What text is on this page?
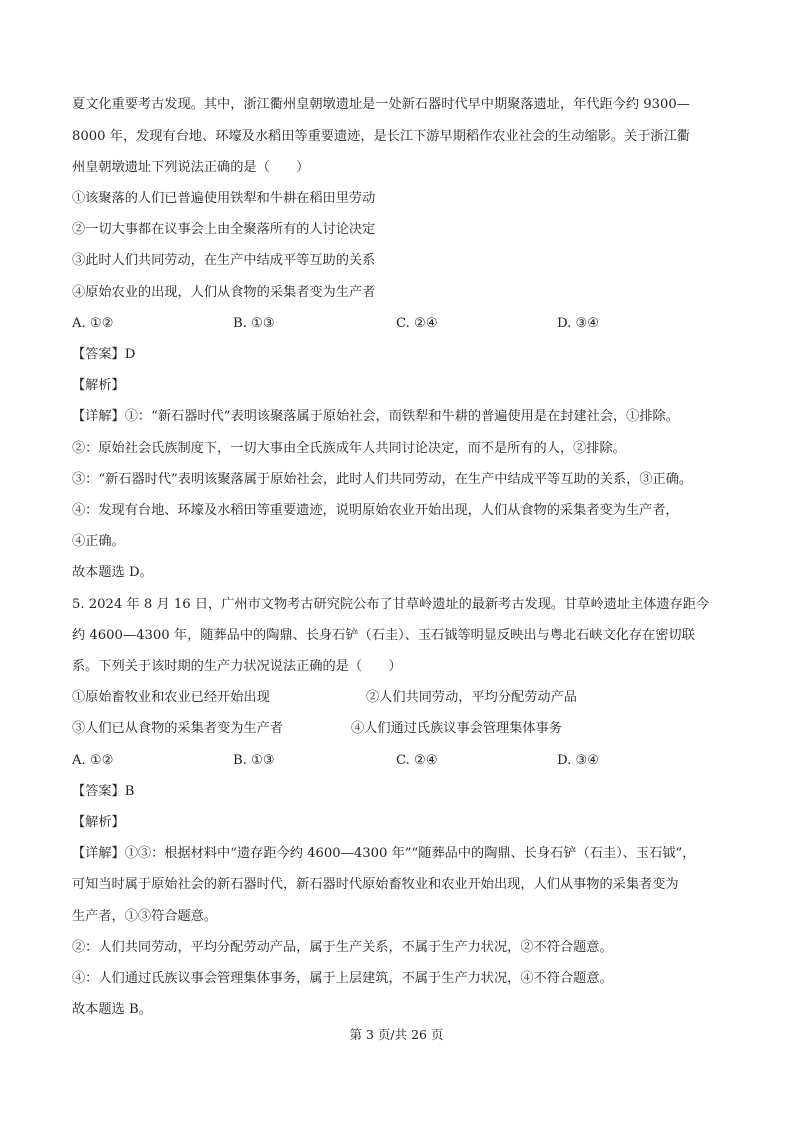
夏文化重要考古发现。其中，浙江衢州皇朝墩遗址是一处新石器时代早中期聚落遗址，年代距今约 9300—
8000 年，发现有台地、环壕及水稻田等重要遗迹，是长江下游早期稻作农业社会的生动缩影。关于浙江衢
州皇朝墩遗址下列说法正确的是（　　）
①该聚落的人们已普遍使用铁犁和牛耕在稻田里劳动
②一切大事都在议事会上由全聚落所有的人讨论决定
③此时人们共同劳动，在生产中结成平等互助的关系
④原始农业的出现，人们从食物的采集者变为生产者
A. ①②	B. ①③	C. ②④	D. ③④
【答案】D
【解析】
【详解】①：“新石器时代”表明该聚落属于原始社会，而铁犁和牛耕的普遍使用是在封建社会，①排除。
②：原始社会氏族制度下，一切大事由全氏族成年人共同讨论决定，而不是所有的人，②排除。
③：“新石器时代”表明该聚落属于原始社会，此时人们共同劳动，在生产中结成平等互助的关系，③正确。
④：发现有台地、环壕及水稻田等重要遗迹，说明原始农业开始出现，人们从食物的采集者变为生产者，
④正确。
故本题选 D。
5. 2024 年 8 月 16 日，广州市文物考古研究院公布了甘草岭遗址的最新考古发现。甘草岭遗址主体遗存距今
约 4600—4300 年，随葬品中的陶鼎、长身石铲（石圭）、玉石钺等明显反映出与粤北石峡文化存在密切联
系。下列关于该时期的生产力状况说法正确的是（　　）
①原始畜牧业和农业已经开始出现	②人们共同劳动，平均分配劳动产品
③人们已从食物的采集者变为生产者	④人们通过氏族议事会管理集体事务
A. ①②	B. ①③	C. ②④	D. ③④
【答案】B
【解析】
【详解】①③：根据材料中“遗存距今约 4600—4300 年”“随葬品中的陶鼎、长身石铲（石圭）、玉石钺”，
可知当时属于原始社会的新石器时代，新石器时代原始畜牧业和农业开始出现，人们从事物的采集者变为
生产者，①③符合题意。
②：人们共同劳动，平均分配劳动产品，属于生产关系，不属于生产力状况，②不符合题意。
④：人们通过氏族议事会管理集体事务，属于上层建筑，不属于生产力状况，④不符合题意。
故本题选 B。
第 3 页/共 26 页
